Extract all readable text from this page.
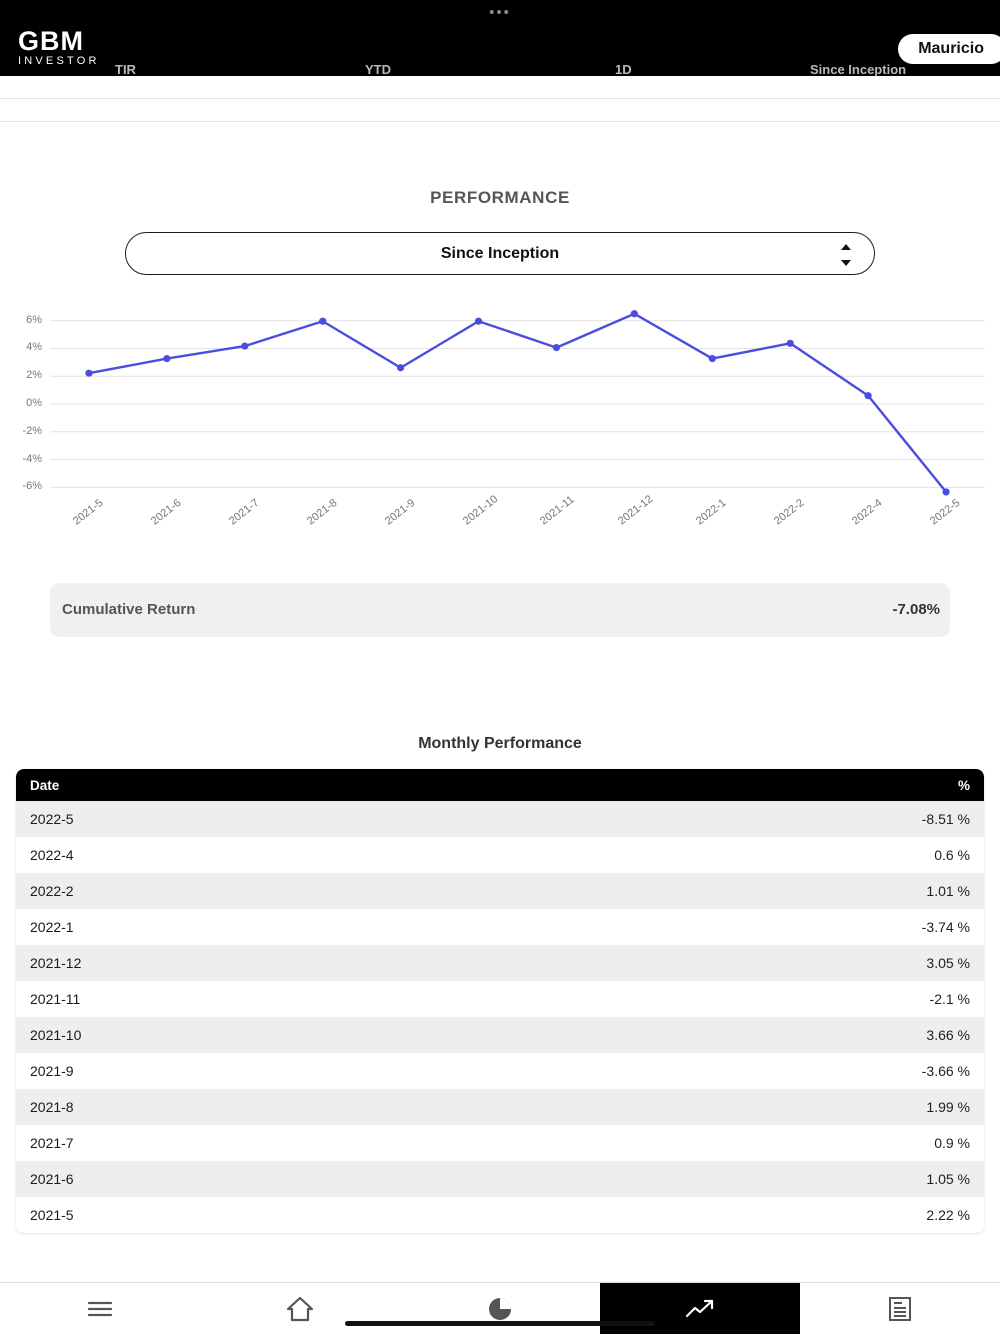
•••
GBM
INVESTOR
Mauricio
TIR	YTD	1D	Since Inception
PERFORMANCE
Since Inception
6%
4%
2%
0%
-2%
-4%
-6%
2021-5	2021-6	2021-7	2021-8	2021-9	2021-10	2021-11	2021-12	2022-1	2022-2	2022-4	2022-5
Cumulative Return	-7.08%
Monthly Performance
Date	%
2022-5	-8.51 %
2022-4	0.6 %
2022-2	1.01 %
2022-1	-3.74 %
2021-12	3.05 %
2021-11	-2.1 %
2021-10	3.66 %
2021-9	-3.66 %
2021-8	1.99 %
2021-7	0.9 %
2021-6	1.05 %
2021-5	2.22 %
